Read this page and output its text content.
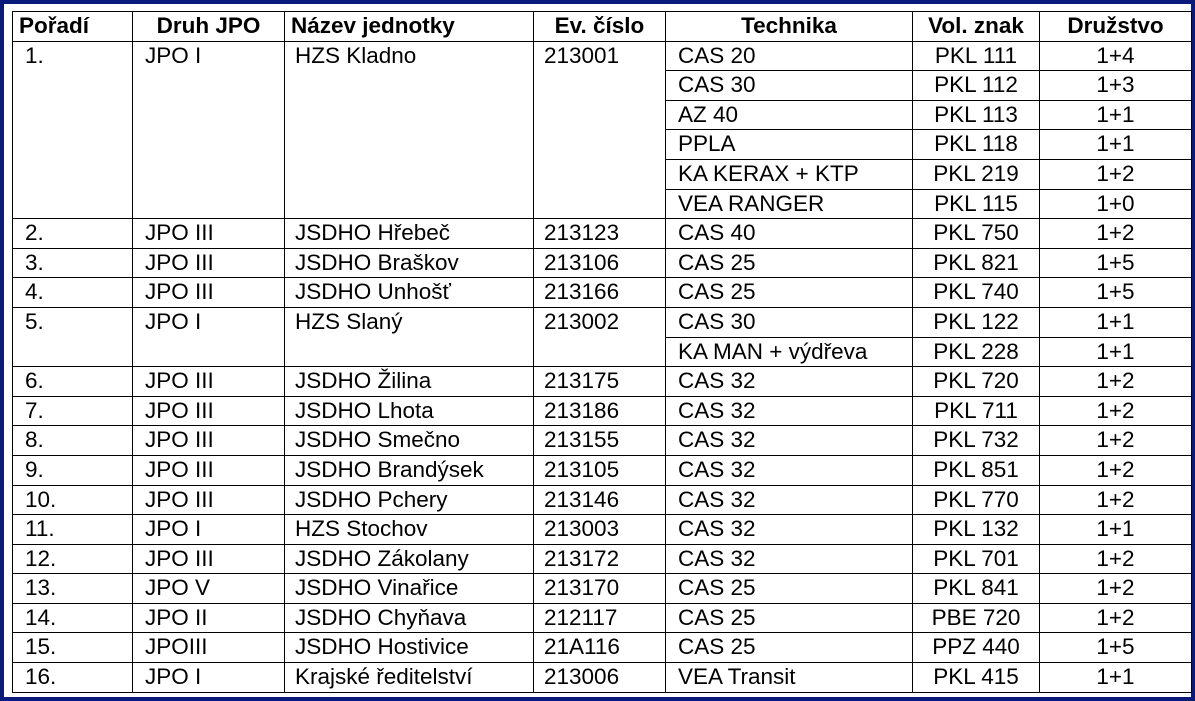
Pořadí	Druh JPO	Název jednotky	Ev. číslo	Technika	Vol. znak	Družstvo
1.	JPO I	HZS Kladno	213001	CAS 20	PKL 111	1+4
				CAS 30	PKL 112	1+3
				AZ 40	PKL 113	1+1
				PPLA	PKL 118	1+1
				KA KERAX + KTP	PKL 219	1+2
				VEA RANGER	PKL 115	1+0
2.	JPO III	JSDHO Hřebeč	213123	CAS 40	PKL 750	1+2
3.	JPO III	JSDHO Braškov	213106	CAS 25	PKL 821	1+5
4.	JPO III	JSDHO Unhošť	213166	CAS 25	PKL 740	1+5
5.	JPO I	HZS Slaný	213002	CAS 30	PKL 122	1+1
				KA MAN + výdřeva	PKL 228	1+1
6.	JPO III	JSDHO Žilina	213175	CAS 32	PKL 720	1+2
7.	JPO III	JSDHO Lhota	213186	CAS 32	PKL 711	1+2
8.	JPO III	JSDHO Smečno	213155	CAS 32	PKL 732	1+2
9.	JPO III	JSDHO Brandýsek	213105	CAS 32	PKL 851	1+2
10.	JPO III	JSDHO Pchery	213146	CAS 32	PKL 770	1+2
11.	JPO I	HZS Stochov	213003	CAS 32	PKL 132	1+1
12.	JPO III	JSDHO Zákolany	213172	CAS 32	PKL 701	1+2
13.	JPO V	JSDHO Vinařice	213170	CAS 25	PKL 841	1+2
14.	JPO II	JSDHO Chyňava	212117	CAS 25	PBE 720	1+2
15.	JPOIII	JSDHO Hostivice	21A116	CAS 25	PPZ 440	1+5
16.	JPO I	Krajské ředitelství	213006	VEA Transit	PKL 415	1+1
